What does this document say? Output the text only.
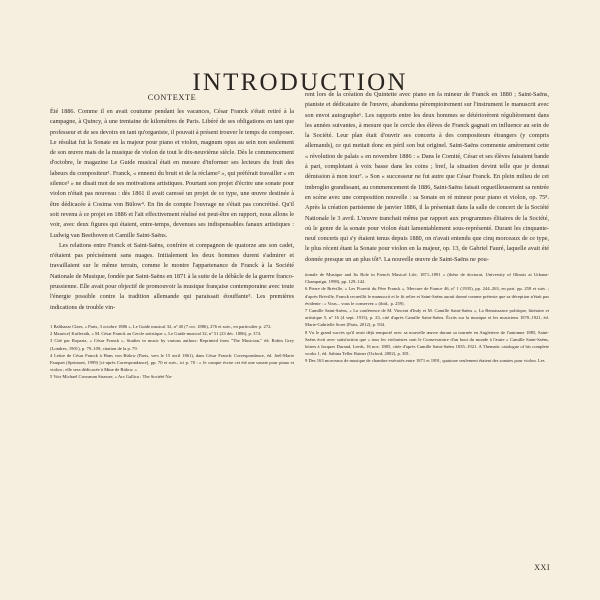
INTRODUCTION
CONTEXTE

Été 1886. Comme il en avait coutume pendant les vacances, César Franck s'était retiré à la campagne, à Quincy, à une trentaine de kilomètres de Paris. Libéré de ses obligations en tant que professeur et de ses devoirs en tant qu'organiste, il pouvait à présent trouver le temps de composer. Le résultat fut la Sonate en la majeur pour piano et violon, magnum opus au sein non seulement de son œuvre mais de la musique de violon de tout le dix-neuvième siècle. Dès le commencement d'octobre, le magazine Le Guide musical était en mesure d'informer ses lecteurs du fruit des labeurs du compositeur¹. Franck, « ennemi du bruit et de la réclame² », qui préférait travailler « en silence³ » ne disait mot de ses motivations artistiques. Pourtant son projet d'écrire une sonate pour violon n'était pas nouveau : dès 1861 il avait caressé un projet de ce type, une œuvre destinée à être dédicacée à Cosima von Bülow⁴. En fin de compte l'ouvrage ne s'était pas concrétisé. Qu'il soit revenu à ce projet en 1886 et l'ait effectivement réalisé est peut-être en rapport, nous allons le voir, avec deux figures qui étaient, entre-temps, devenues ses indispensables fanaux artistiques : Ludwig van Beethoven et Camille Saint-Saëns.

Les relations entre Franck et Saint-Saëns, confrère et compagnon de quatorze ans son cadet, n'étaient pas précisément sans nuages. Initialement les deux hommes durent s'admirer et travaillaient sur le même terrain, comme le montre l'appartenance de Franck à la Société Nationale de Musique, fondée par Saint-Saëns en 1871 à la suite de la débâcle de la guerre franco-prussienne. Elle avait pour objectif de promouvoir la musique française contemporaine avec toute l'énergie possible contre la tradition allemande qui paraissait étouffante⁵. Les premières indications de trouble vin-

1 Balthazar Claes, « Paris, 3 octobre 1886 », Le Guide musical 32, nº 40 (7 oct. 1886), 276 et suiv., en particulier p. 272.

2 Maurice] Kufferath, « M. César Franck au Cercle artistique », Le Guide musical 32, nº 51 (23 déc. 1886), p. 374.

3 Cité par Ropartz, « César Franck », Studies in music by various authors: Reprinted from "The Musician," éd. Robin Grey (Londres, 1901), p. 79–109, citation de la p. 79.

4 Lettre de César Franck à Hans von Bülow (Paris, vers le 15 avril 1861), dans César Franck: Correspondance, éd. Joël-Marie Fauquet (Sprimont, 1999) [ci-après Correspondance], pp. 70 et suiv., ici p. 70 : « Je compte écrire cet été une sonate pour piano et violon ; elle sera dédicacée à Mme de Bülow. »

5 Voir Michael Crossman Strasser, « Ars Gallica : The Société Na-

rent lors de la création du Quintette avec piano en fa mineur de Franck en 1880 ; Saint-Saëns, pianiste et dédicataire de l'œuvre, abandonna péremptoirement sur l'instrument le manuscrit avec son envoi autographe⁶. Les rapports entre les deux hommes se détériorèrent régulièrement dans les années suivantes, à mesure que le cercle des élèves de Franck gagnait en influence au sein de la Société. Leur plan était d'ouvrir ses concerts à des compositeurs étrangers (y compris allemands), ce qui mettait donc en péril son but originel. Saint-Saëns commente amèrement cette « révolution de palais » en novembre 1886 : « Dans le Comité, César et ses élèves faisaient bande à part, complotant à voix basse dans les coins ; bref, la situation devint telle que je donnai démission à mon tour⁷. » Son « successeur ne fut autre que César Franck. En plein milieu de cet imbroglio grandissant, au commencement de 1886, Saint-Saëns faisait orgueilleusement sa rentrée en scène avec une composition nouvelle : sa Sonate en ré mineur pour piano et violon, op. 75⁸. Après la création parisienne de janvier 1886, il la présentait dans la salle de concert de la Société Nationale le 3 avril. L'œuvre tranchait même par rapport aux programmes élitaires de la Société, où le genre de la sonate pour violon était lamentablement sous-représenté. Durant les cinquante-neuf concerts qui s'y étaient tenus depuis 1880, on n'avait entendu que cinq morceaux de ce type, le plus récent étant la Sonate pour violon en la majeur, op. 13, de Gabriel Fauré, laquelle avait été donnée presque un an plus tôt⁹. La nouvelle œuvre de Saint-Saëns ne pou-

tionale de Musique and Its Role in French Musical Life, 1871–1891 » (thèse de doctorat, University of Illinois at Urbana-Champaign, 1998), pp. 129–142.

6 Pierre de Bréville, « Les Fioretti du Père Franck », Mercure de France 46, nº 1 (1935), pp. 244–263, en part. pp. 258 et suiv. ; d'après Bréville, Franck recueillit le manuscrit et le fit relier et Saint-Saëns aurait donné comme prétexte que sa déception n'était pas évidente : « Vous... vous le conservez » (ibid., p. 259).

7 Camille Saint-Saëns, « La conférence de M. Vincent d'Indy et M. Camille Saint-Saëns », La Renaissance politique, littéraire et artistique 5, nº 16 (4 sept. 1915), p. 23, cité d'après Camille Saint-Saëns. Écrits sur la musique et les musiciens 1870–1921, éd. Marie-Gabrielle Soret (Paris, 2012), p. 934.

8 Vu le grand succès qu'il avait déjà remporté avec sa nouvelle œuvre durant sa tournée en Angleterre de l'automne 1885, Saint-Saëns écrit avec satisfaction que « tous les violonistes sont le Conservatoire d'un bout du monde à l'autre » Camille Saint-Saëns, lettres à Jacques Durand, Leeds, 16 nov. 1885, citée d'après Camille Saint-Saëns 1835–1921. A Thematic catalogue of his complete works 1, éd. Sabina Teller Ratner (Oxford, 2002), p. 381.

9 Des 163 morceaux de musique de chambre exécutés entre 1871 et 1891, quatorze seulement étaient des sonates pour violon. Les

XXI
